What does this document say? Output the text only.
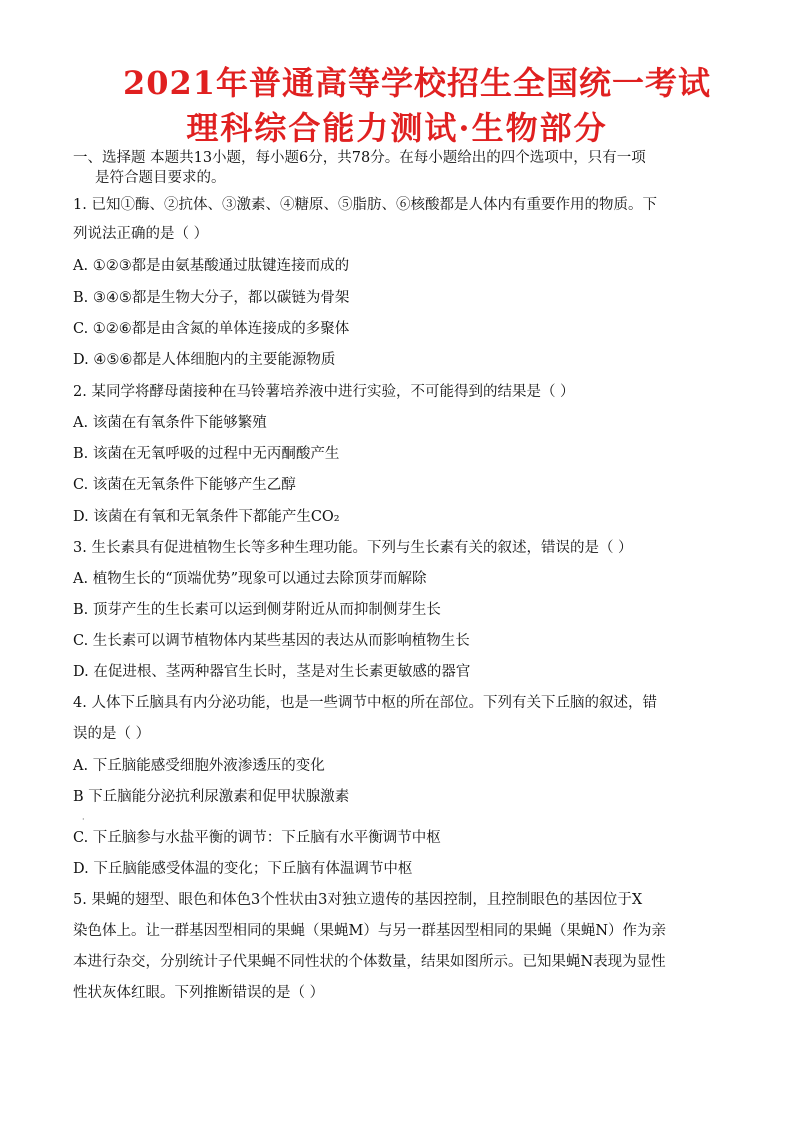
2021年普通高等学校招生全国统一考试
理科综合能力测试·生物部分
一、选择题 本题共13小题，每小题6分，共78分。在每小题给出的四个选项中，只有一项
是符合题目要求的。
1. 已知①酶、②抗体、③激素、④糖原、⑤脂肪、⑥核酸都是人体内有重要作用的物质。下
列说法正确的是（ ）
A. ①②③都是由氨基酸通过肽键连接而成的
B. ③④⑤都是生物大分子，都以碳链为骨架
C. ①②⑥都是由含氮的单体连接成的多聚体
D. ④⑤⑥都是人体细胞内的主要能源物质
2. 某同学将酵母菌接种在马铃薯培养液中进行实验，不可能得到的结果是（ ）
A. 该菌在有氧条件下能够繁殖
B. 该菌在无氧呼吸的过程中无丙酮酸产生
C. 该菌在无氧条件下能够产生乙醇
D. 该菌在有氧和无氧条件下都能产生CO₂
3. 生长素具有促进植物生长等多种生理功能。下列与生长素有关的叙述，错误的是（ ）
A. 植物生长的“顶端优势”现象可以通过去除顶芽而解除
B. 顶芽产生的生长素可以运到侧芽附近从而抑制侧芽生长
C. 生长素可以调节植物体内某些基因的表达从而影响植物生长
D. 在促进根、茎两种器官生长时，茎是对生长素更敏感的器官
4. 人体下丘脑具有内分泌功能，也是一些调节中枢的所在部位。下列有关下丘脑的叙述，错
误的是（ ）
A. 下丘脑能感受细胞外液渗透压的变化
B 下丘脑能分泌抗利尿激素和促甲状腺激素
·
C. 下丘脑参与水盐平衡的调节：下丘脑有水平衡调节中枢
D. 下丘脑能感受体温的变化；下丘脑有体温调节中枢
5. 果蝇的翅型、眼色和体色3个性状由3对独立遗传的基因控制，且控制眼色的基因位于X
染色体上。让一群基因型相同的果蝇（果蝇M）与另一群基因型相同的果蝇（果蝇N）作为亲
本进行杂交，分别统计子代果蝇不同性状的个体数量，结果如图所示。已知果蝇N表现为显性
性状灰体红眼。下列推断错误的是（ ）
